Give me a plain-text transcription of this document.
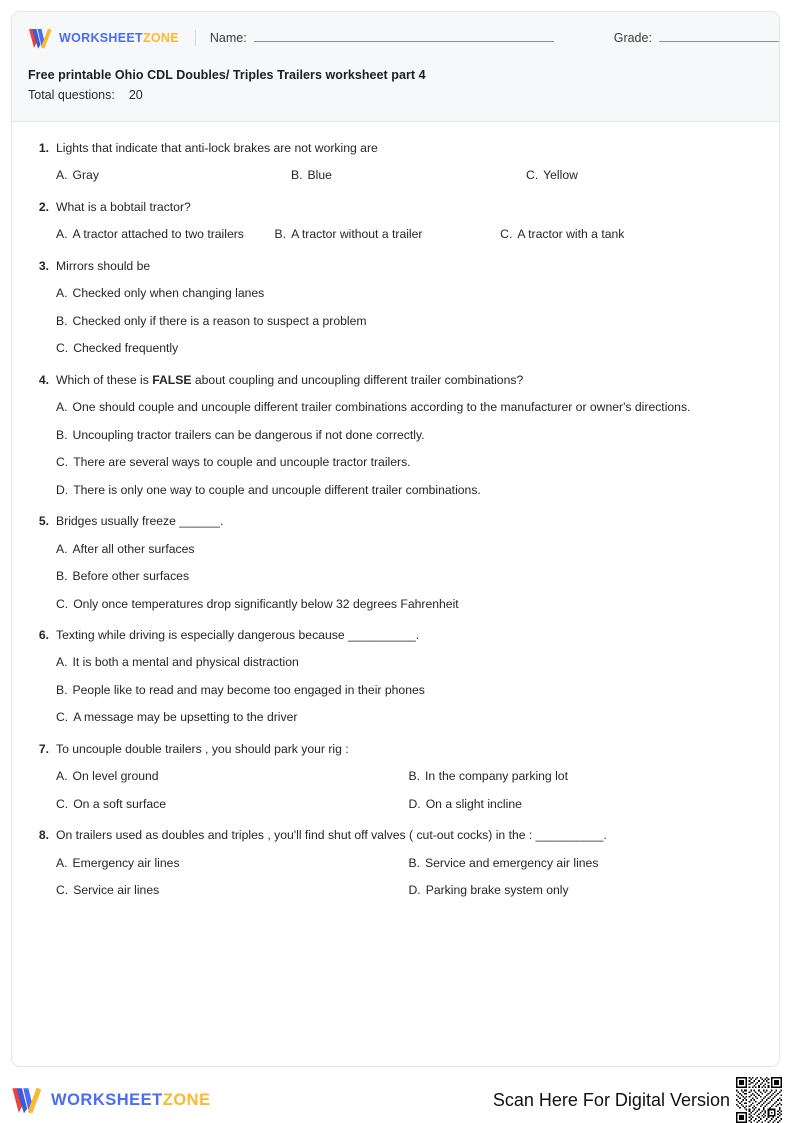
WORKSHEETZONE Name:	Grade:
Free printable Ohio CDL Doubles/ Triples Trailers worksheet part 4
Total questions: 20
1. Lights that indicate that anti-lock brakes are not working are
A. Gray	B. Blue	C. Yellow
2. What is a bobtail tractor?
A. A tractor attached to two trailers	B. A tractor without a trailer	C. A tractor with a tank
3. Mirrors should be
A. Checked only when changing lanes
B. Checked only if there is a reason to suspect a problem
C. Checked frequently
4. Which of these is FALSE about coupling and uncoupling different trailer combinations?
A. One should couple and uncouple different trailer combinations according to the manufacturer or owner's directions.
B. Uncoupling tractor trailers can be dangerous if not done correctly.
C. There are several ways to couple and uncouple tractor trailers.
D. There is only one way to couple and uncouple different trailer combinations.
5. Bridges usually freeze ______.
A. After all other surfaces
B. Before other surfaces
C. Only once temperatures drop significantly below 32 degrees Fahrenheit
6. Texting while driving is especially dangerous because __________.
A. It is both a mental and physical distraction
B. People like to read and may become too engaged in their phones
C. A message may be upsetting to the driver
7. To uncouple double trailers , you should park your rig :
A. On level ground	B. In the company parking lot
C. On a soft surface	D. On a slight incline
8. On trailers used as doubles and triples , you'll find shut off valves ( cut-out cocks) in the : __________.
A. Emergency air lines	B. Service and emergency air lines
C. Service air lines	D. Parking brake system only
WORKSHEETZONE	Scan Here For Digital Version
